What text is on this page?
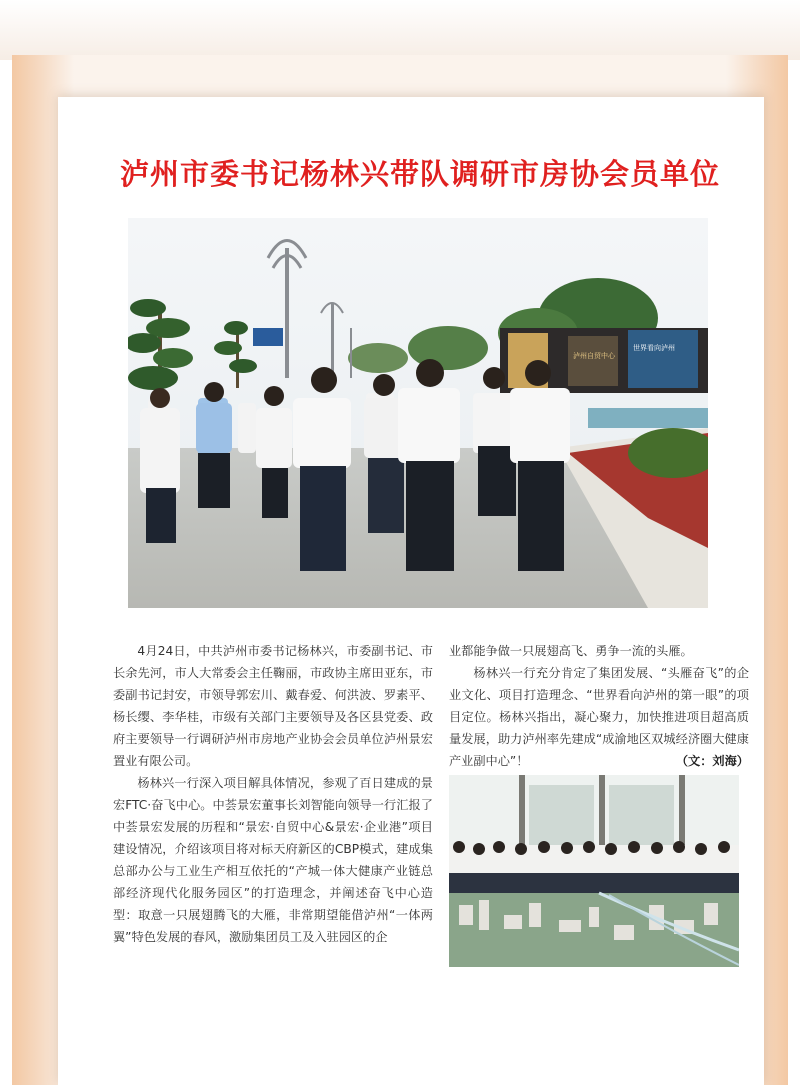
泸州市委书记杨林兴带队调研市房协会员单位
泸州自贸中心
世界看向泸州

4月24日，中共泸州市委书记杨林兴，市委副书记、市长余先河，市人大常委会主任鞠丽，市政协主席田亚东，市委副书记封安，市领导郭宏川、戴春爱、何洪波、罗素平、杨长缨、李华桂，市级有关部门主要领导及各区县党委、政府主要领导一行调研泸州市房地产业协会会员单位泸州景宏置业有限公司。

杨林兴一行深入项目解具体情况，参观了百日建成的景宏FTC·奋飞中心。中荟景宏董事长刘智能向领导一行汇报了中荟景宏发展的历程和“景宏·自贸中心&景宏·企业港”项目建设情况，介绍该项目将对标天府新区的CBP模式，建成集总部办公与工业生产相互依托的“产城一体大健康产业链总部经济现代化服务园区”的打造理念，并阐述奋飞中心造型：取意一只展翅腾飞的大雁，非常期望能借泸州“一体两翼”特色发展的春风，激励集团员工及入驻园区的企

业都能争做一只展翅高飞、勇争一流的头雁。

杨林兴一行充分肯定了集团发展、“头雁奋飞”的企业文化、项目打造理念、“世界看向泸州的第一眼”的项目定位。杨林兴指出，凝心聚力，加快推进项目超高质量发展，助力泸州率先建成“成渝地区双城经济圈大健康产业副中心”！	（文：刘海）
